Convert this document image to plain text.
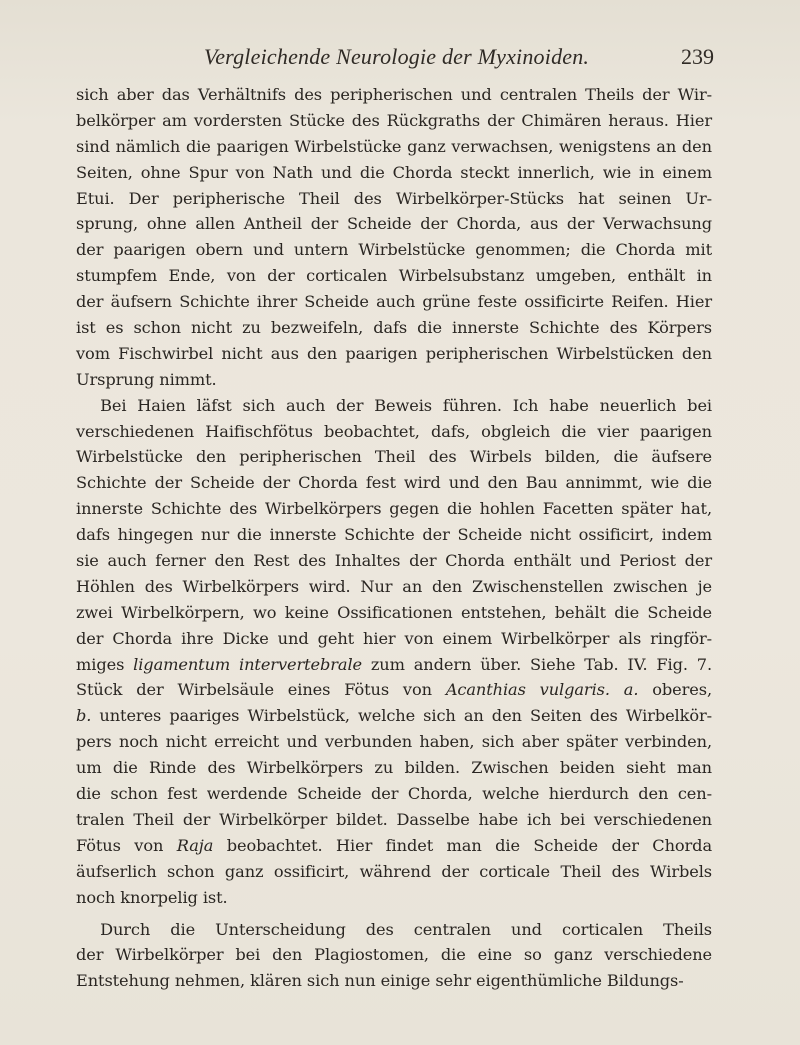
Vergleichende Neurologie der Myxinoiden.	239
sich aber das Verhältnifs des peripherischen und centralen Theils der Wir-
belkörper am vordersten Stücke des Rückgraths der Chimären heraus. Hier
sind nämlich die paarigen Wirbelstücke ganz verwachsen, wenigstens an den
Seiten, ohne Spur von Nath und die Chorda steckt innerlich, wie in einem
Etui. Der peripherische Theil des Wirbelkörper-Stücks hat seinen Ur-
sprung, ohne allen Antheil der Scheide der Chorda, aus der Verwachsung
der paarigen obern und untern Wirbelstücke genommen; die Chorda mit
stumpfem Ende, von der corticalen Wirbelsubstanz umgeben, enthält in
der äufsern Schichte ihrer Scheide auch grüne feste ossificirte Reifen. Hier
ist es schon nicht zu bezweifeln, dafs die innerste Schichte des Körpers
vom Fischwirbel nicht aus den paarigen peripherischen Wirbelstücken den
Ursprung nimmt.
  Bei Haien läfst sich auch der Beweis führen. Ich habe neuerlich bei
verschiedenen Haifischfötus beobachtet, dafs, obgleich die vier paarigen
Wirbelstücke den peripherischen Theil des Wirbels bilden, die äufsere
Schichte der Scheide der Chorda fest wird und den Bau annimmt, wie die
innerste Schichte des Wirbelkörpers gegen die hohlen Facetten später hat,
dafs hingegen nur die innerste Schichte der Scheide nicht ossificirt, indem
sie auch ferner den Rest des Inhaltes der Chorda enthält und Periost der
Höhlen des Wirbelkörpers wird. Nur an den Zwischenstellen zwischen je
zwei Wirbelkörpern, wo keine Ossificationen entstehen, behält die Scheide
der Chorda ihre Dicke und geht hier von einem Wirbelkörper als ringför-
miges ligamentum intervertebrale zum andern über. Siehe Tab. IV. Fig. 7.
Stück der Wirbelsäule eines Fötus von Acanthias vulgaris. a. oberes,
b. unteres paariges Wirbelstück, welche sich an den Seiten des Wirbelkör-
pers noch nicht erreicht und verbunden haben, sich aber später verbinden,
um die Rinde des Wirbelkörpers zu bilden. Zwischen beiden sieht man
die schon fest werdende Scheide der Chorda, welche hierdurch den cen-
tralen Theil der Wirbelkörper bildet. Dasselbe habe ich bei verschiedenen
Fötus von Raja beobachtet. Hier findet man die Scheide der Chorda
äufserlich schon ganz ossificirt, während der corticale Theil des Wirbels
noch knorpelig ist.
  Durch die Unterscheidung des centralen und corticalen Theils
der Wirbelkörper bei den Plagiostomen, die eine so ganz verschiedene
Entstehung nehmen, klären sich nun einige sehr eigenthümliche Bildungs-
